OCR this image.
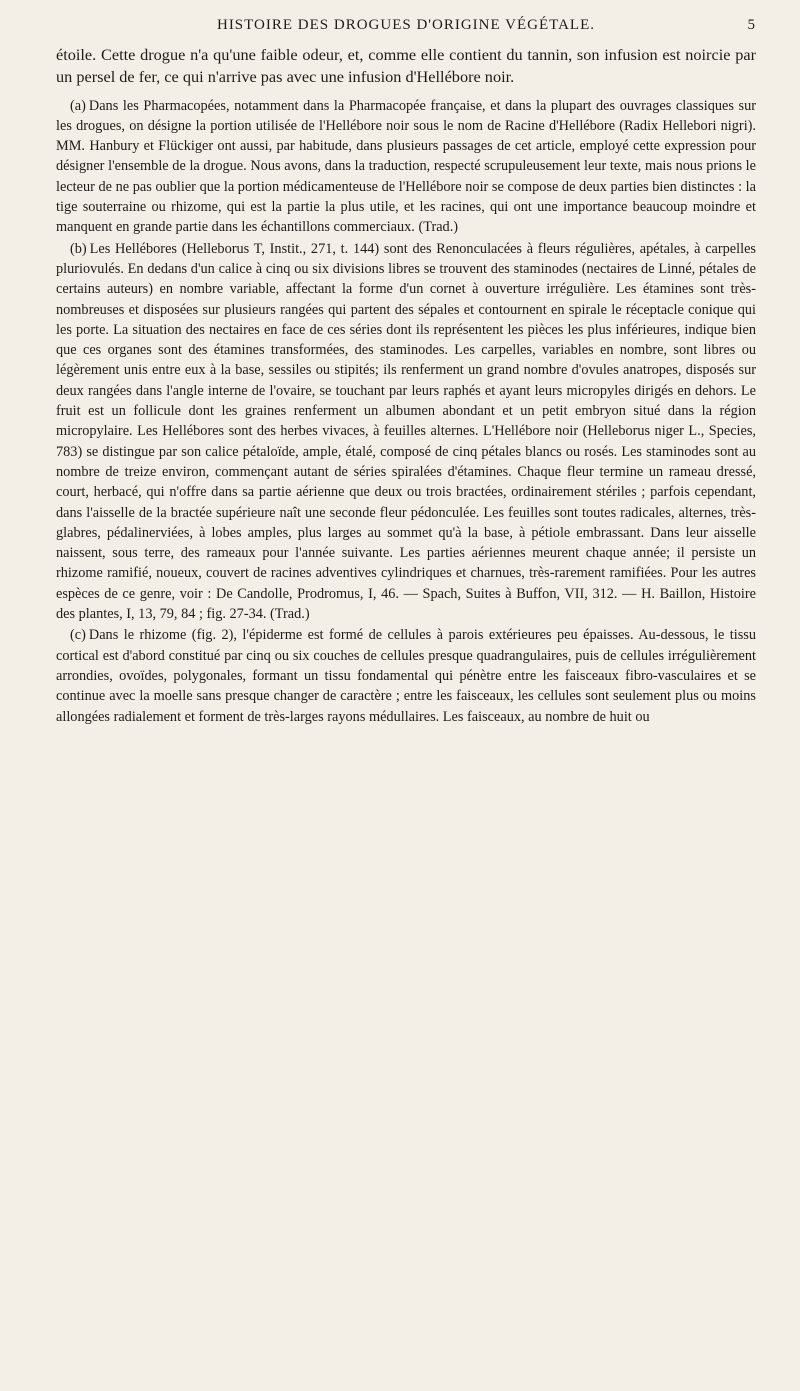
HISTOIRE DES DROGUES D'ORIGINE VÉGÉTALE.	5

étoile. Cette drogue n'a qu'une faible odeur, et, comme elle contient du tannin, son infusion est noircie par un persel de fer, ce qui n'arrive pas avec une infusion d'Hellébore noir.

(a) Dans les Pharmacopées, notamment dans la Pharmacopée française, et dans la plupart des ouvrages classiques sur les drogues, on désigne la portion utilisée de l'Hellébore noir sous le nom de Racine d'Hellébore (Radix Hellebori nigri). MM. Hanbury et Flückiger ont aussi, par habitude, dans plusieurs passages de cet article, employé cette expression pour désigner l'ensemble de la drogue. Nous avons, dans la traduction, respecté scrupuleusement leur texte, mais nous prions le lecteur de ne pas oublier que la portion médicamenteuse de l'Hellébore noir se compose de deux parties bien distinctes : la tige souterraine ou rhizome, qui est la partie la plus utile, et les racines, qui ont une importance beaucoup moindre et manquent en grande partie dans les échantillons commerciaux. (Trad.)

(b) Les Hellébores (Helleborus T, Instit., 271, t. 144) sont des Renonculacées à fleurs régulières, apétales, à carpelles pluriovulés. En dedans d'un calice à cinq ou six divisions libres se trouvent des staminodes (nectaires de Linné, pétales de certains auteurs) en nombre variable, affectant la forme d'un cornet à ouverture irrégulière. Les étamines sont très-nombreuses et disposées sur plusieurs rangées qui partent des sépales et contournent en spirale le réceptacle conique qui les porte. La situation des nectaires en face de ces séries dont ils représentent les pièces les plus inférieures, indique bien que ces organes sont des étamines transformées, des staminodes. Les carpelles, variables en nombre, sont libres ou légèrement unis entre eux à la base, sessiles ou stipités; ils renferment un grand nombre d'ovules anatropes, disposés sur deux rangées dans l'angle interne de l'ovaire, se touchant par leurs raphés et ayant leurs micropyles dirigés en dehors. Le fruit est un follicule dont les graines renferment un albumen abondant et un petit embryon situé dans la région micropylaire. Les Hellébores sont des herbes vivaces, à feuilles alternes. L'Hellébore noir (Helleborus niger L., Species, 783) se distingue par son calice pétaloïde, ample, étalé, composé de cinq pétales blancs ou rosés. Les staminodes sont au nombre de treize environ, commençant autant de séries spiralées d'étamines. Chaque fleur termine un rameau dressé, court, herbacé, qui n'offre dans sa partie aérienne que deux ou trois bractées, ordinairement stériles ; parfois cependant, dans l'aisselle de la bractée supérieure naît une seconde fleur pédonculée. Les feuilles sont toutes radicales, alternes, très-glabres, pédalinerviées, à lobes amples, plus larges au sommet qu'à la base, à pétiole embrassant. Dans leur aisselle naissent, sous terre, des rameaux pour l'année suivante. Les parties aériennes meurent chaque année; il persiste un rhizome ramifié, noueux, couvert de racines adventives cylindriques et charnues, très-rarement ramifiées. Pour les autres espèces de ce genre, voir : De Candolle, Prodromus, I, 46. — Spach, Suites à Buffon, VII, 312. — H. Baillon, Histoire des plantes, I, 13, 79, 84 ; fig. 27-34. (Trad.)

(c) Dans le rhizome (fig. 2), l'épiderme est formé de cellules à parois extérieures peu épaisses. Au-dessous, le tissu cortical est d'abord constitué par cinq ou six couches de cellules presque quadrangulaires, puis de cellules irrégulièrement arrondies, ovoïdes, polygonales, formant un tissu fondamental qui pénètre entre les faisceaux fibro-vasculaires et se continue avec la moelle sans presque changer de caractère ; entre les faisceaux, les cellules sont seulement plus ou moins allongées radialement et forment de très-larges rayons médullaires. Les faisceaux, au nombre de huit ou
